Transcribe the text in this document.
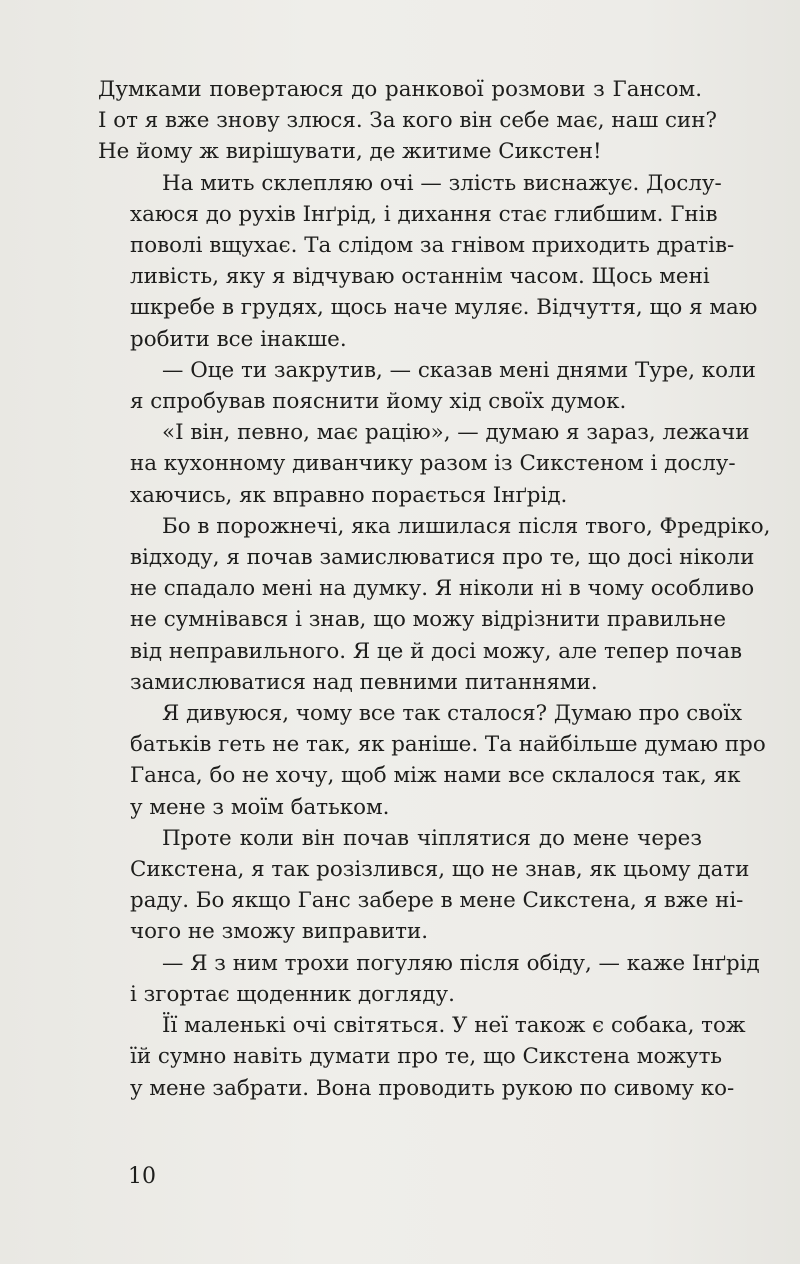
Думками повертаюся до ранкової розмови з Гансом.
І от я вже знову злюся. За кого він себе має, наш син?
Не йому ж вирішувати, де житиме Сикстен!
На мить склепляю очі — злість виснажує. Дослу-
хаюся до рухів Інґрід, і дихання стає глибшим. Гнів
поволі вщухає. Та слідом за гнівом приходить дратів-
ливість, яку я відчуваю останнім часом. Щось мені
шкребе в грудях, щось наче муляє. Відчуття, що я маю
робити все інакше.
— Оце ти закрутив, — сказав мені днями Туре, коли
я спробував пояснити йому хід своїх думок.
«І він, певно, має рацію», — думаю я зараз, лежачи
на кухонному диванчику разом із Сикстеном і дослу-
хаючись, як вправно порається Інґрід.
Бо в порожнечі, яка лишилася після твого, Фредріко,
відходу, я почав замислюватися про те, що досі ніколи
не спадало мені на думку. Я ніколи ні в чому особливо
не сумнівався і знав, що можу відрізнити правильне
від неправильного. Я це й досі можу, але тепер почав
замислюватися над певними питаннями.
Я дивуюся, чому все так сталося? Думаю про своїх
батьків геть не так, як раніше. Та найбільше думаю про
Ганса, бо не хочу, щоб між нами все склалося так, як
у мене з моїм батьком.
Проте коли він почав чіплятися до мене через
Сикстена, я так розізлився, що не знав, як цьому дати
раду. Бо якщо Ганс забере в мене Сикстена, я вже ні-
чого не зможу виправити.
— Я з ним трохи погуляю після обіду, — каже Інґрід
і згортає щоденник догляду.
Її маленькі очі світяться. У неї також є собака, тож
їй сумно навіть думати про те, що Сикстена можуть
у мене забрати. Вона проводить рукою по сивому ко-
10
